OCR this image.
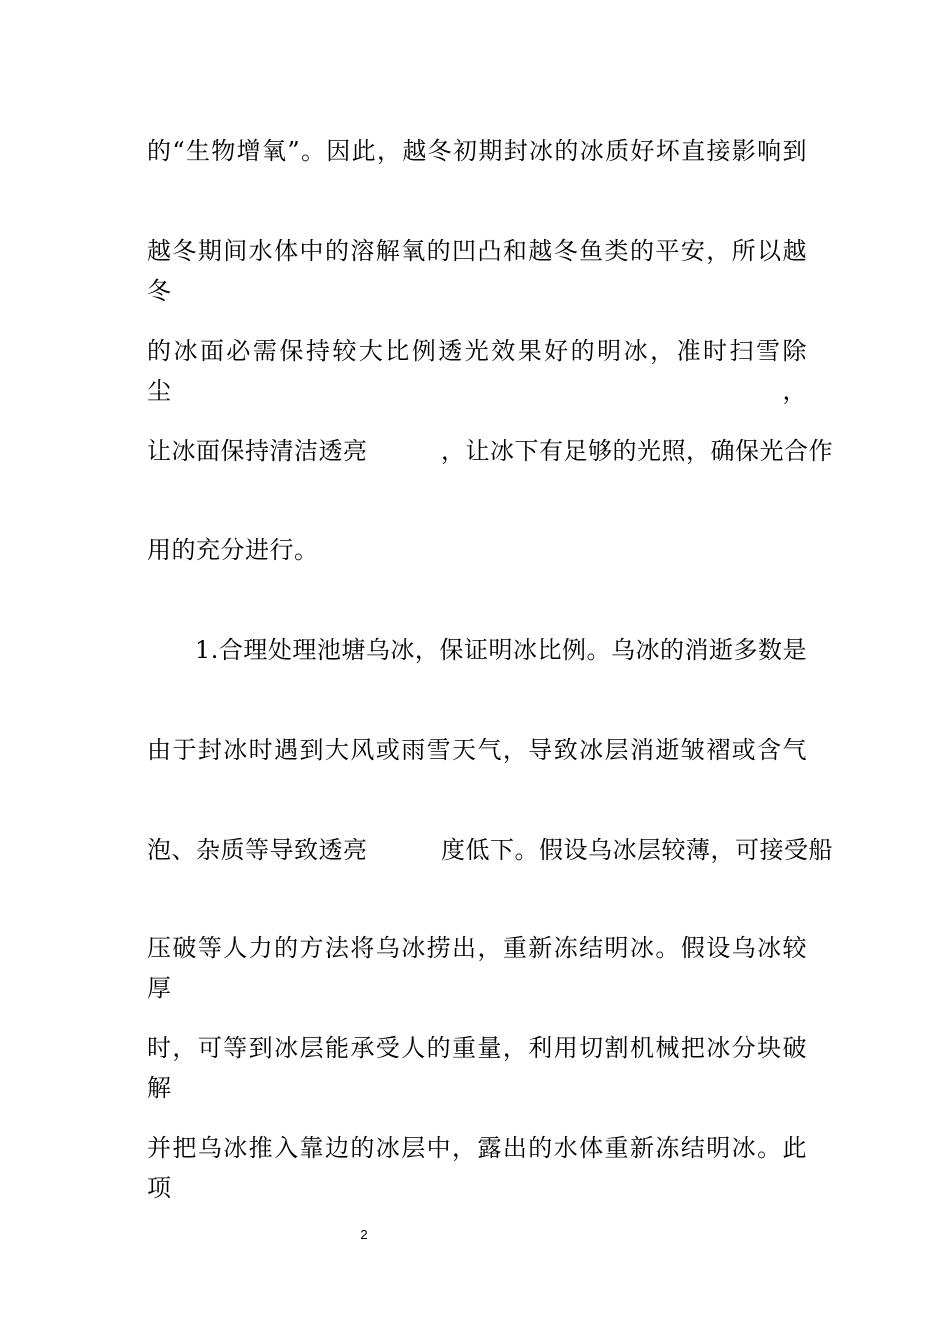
的“生物增氧”。因此，越冬初期封冰的冰质好坏直接影响到
越冬期间水体中的溶解氧的凹凸和越冬鱼类的平安，所以越冬
的冰面必需保持较大比例透光效果好的明冰，准时扫雪除尘，
让冰面保持清洁透亮　　　，让冰下有足够的光照，确保光合作
用的充分进行。
1.合理处理池塘乌冰，保证明冰比例。乌冰的消逝多数是
由于封冰时遇到大风或雨雪天气，导致冰层消逝皱褶或含气
泡、杂质等导致透亮　　　度低下。假设乌冰层较薄，可接受船
压破等人力的方法将乌冰捞出，重新冻结明冰。假设乌冰较厚
时，可等到冰层能承受人的重量，利用切割机械把冰分块破解
并把乌冰推入靠边的冰层中，露出的水体重新冻结明冰。此项
2
